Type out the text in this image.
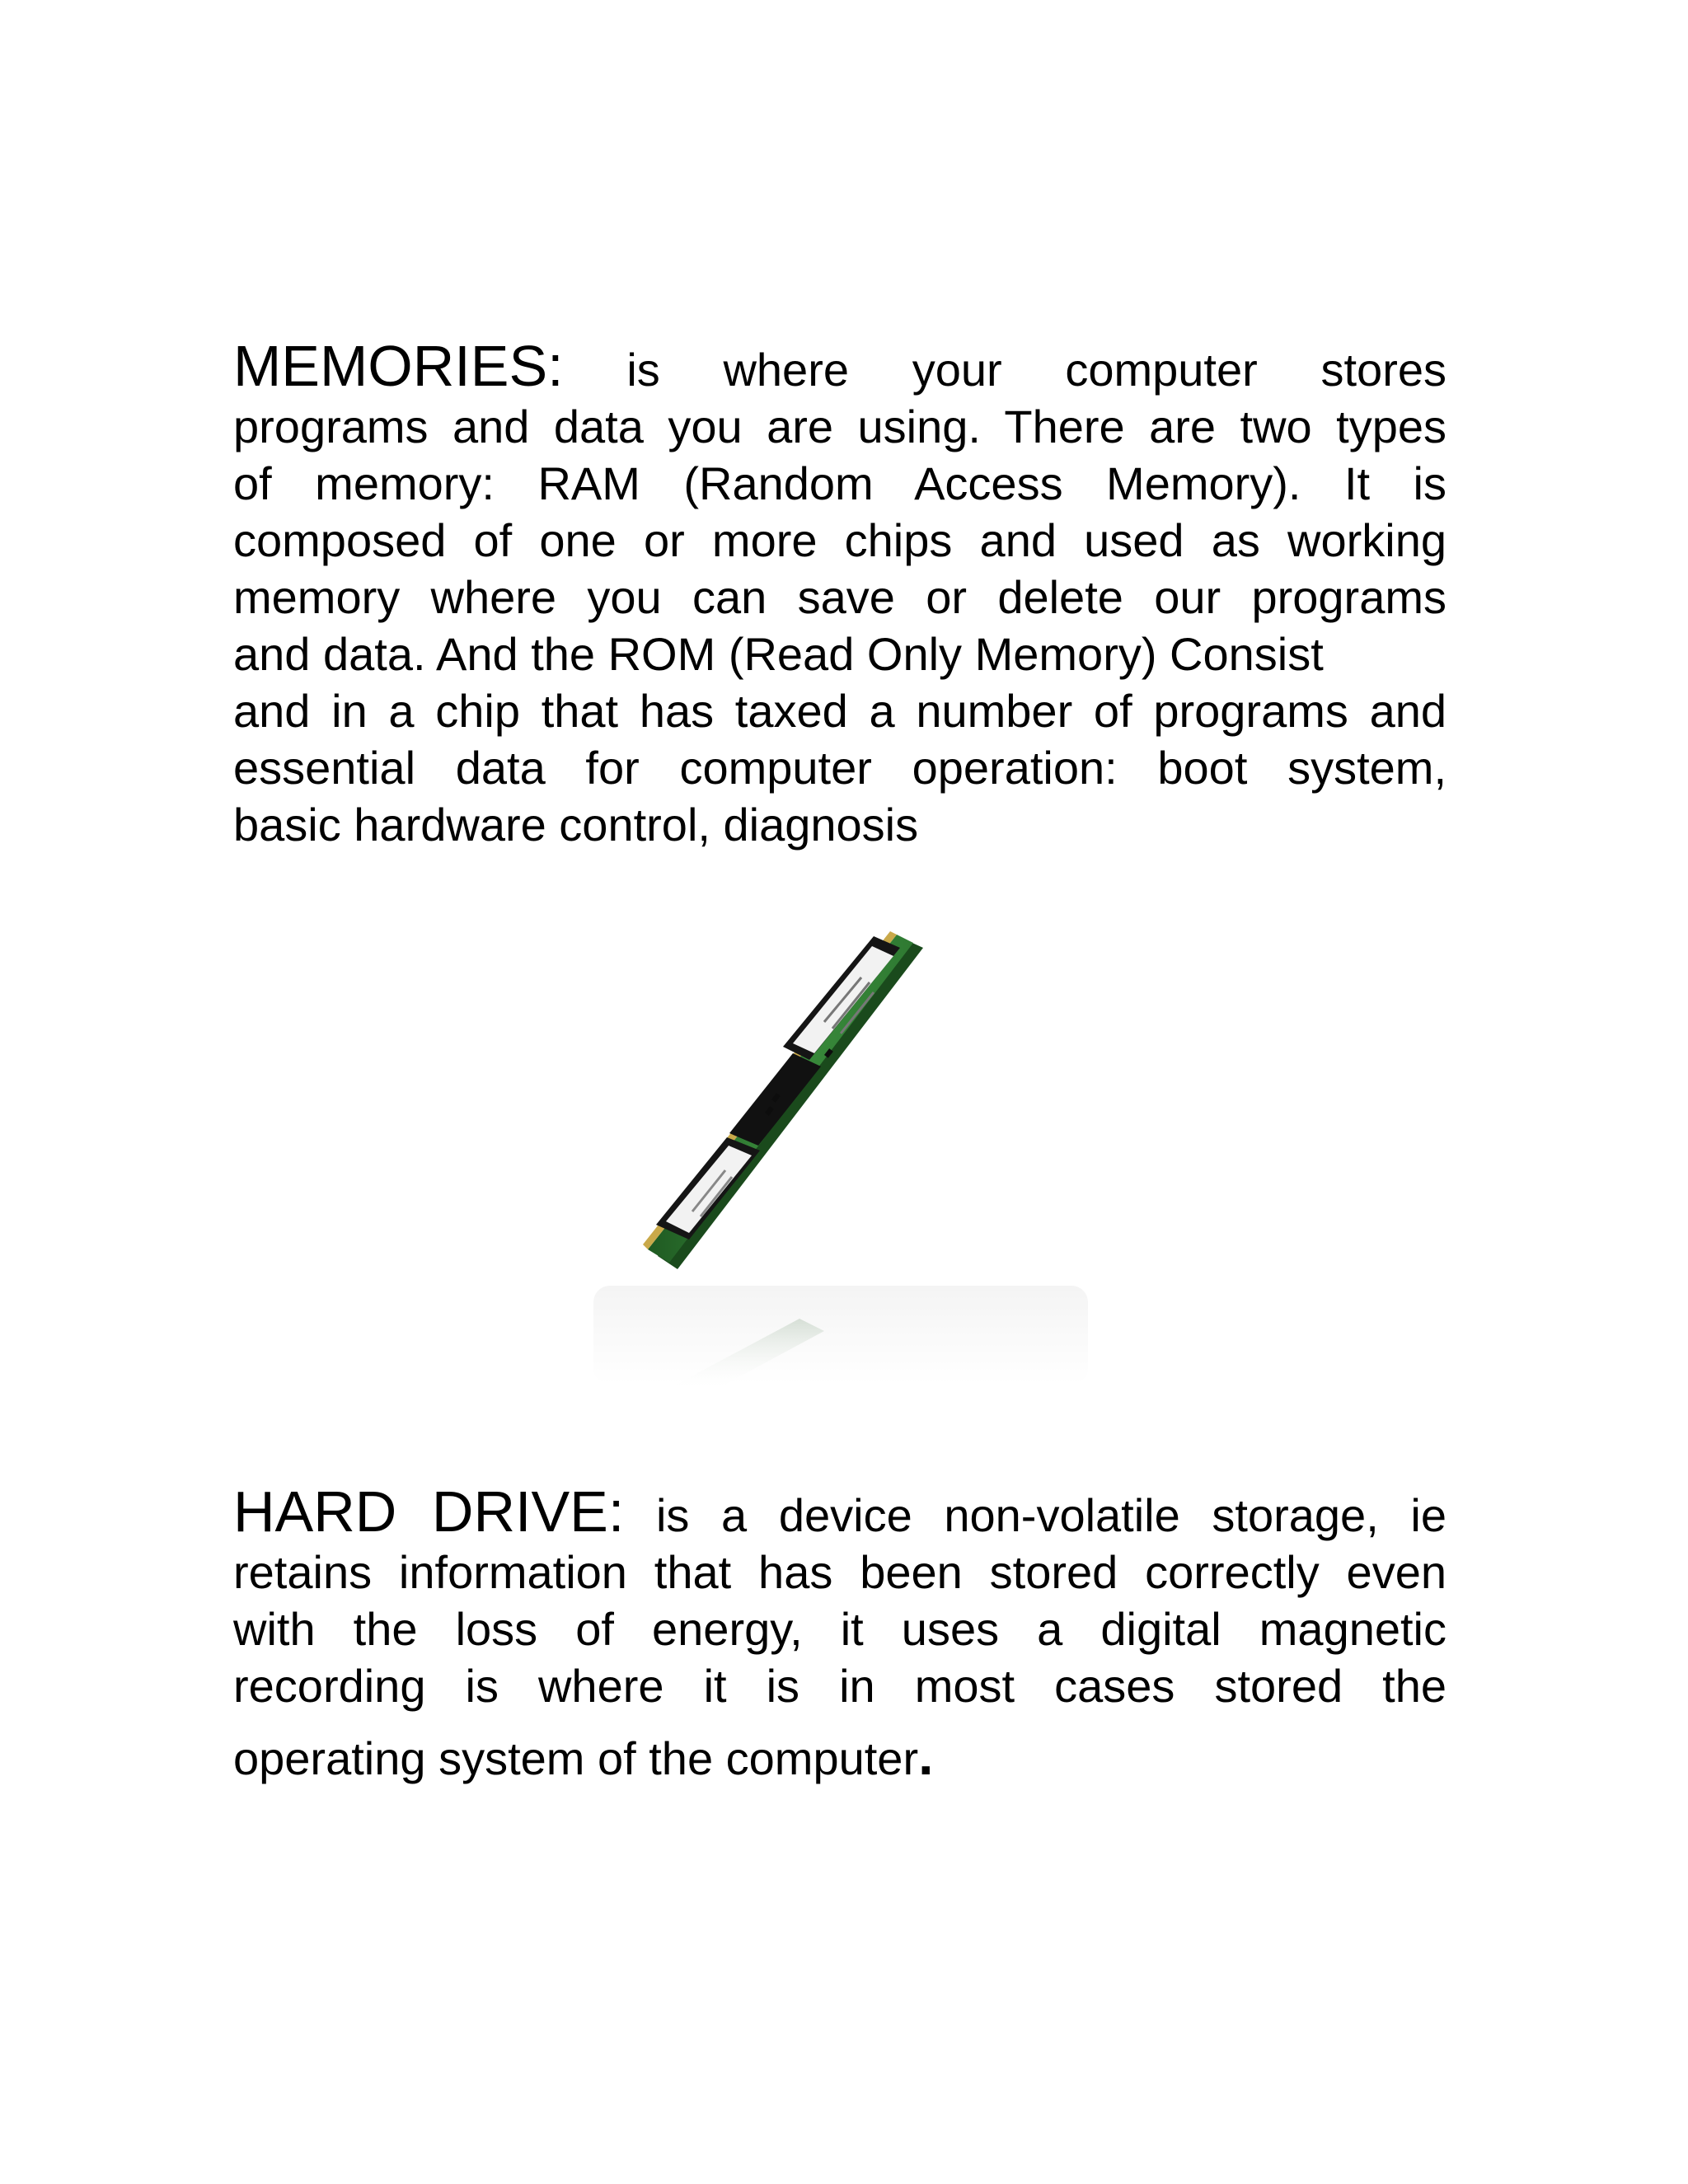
MEMORIES: is where your computer stores
programs and data you are using. There are two types
of memory: RAM (Random Access Memory). It is
composed of one or more chips and used as working
memory where you can save or delete our programs
and data. And the ROM (Read Only Memory) Consist
and in a chip that has taxed a number of programs and
essential data for computer operation: boot system,
basic hardware control, diagnosis
HARD DRIVE: is a device non-volatile storage, ie
retains information that has been stored correctly even
with the loss of energy, it uses a digital magnetic
recording is where it is in most cases stored the
operating system of the computer.
